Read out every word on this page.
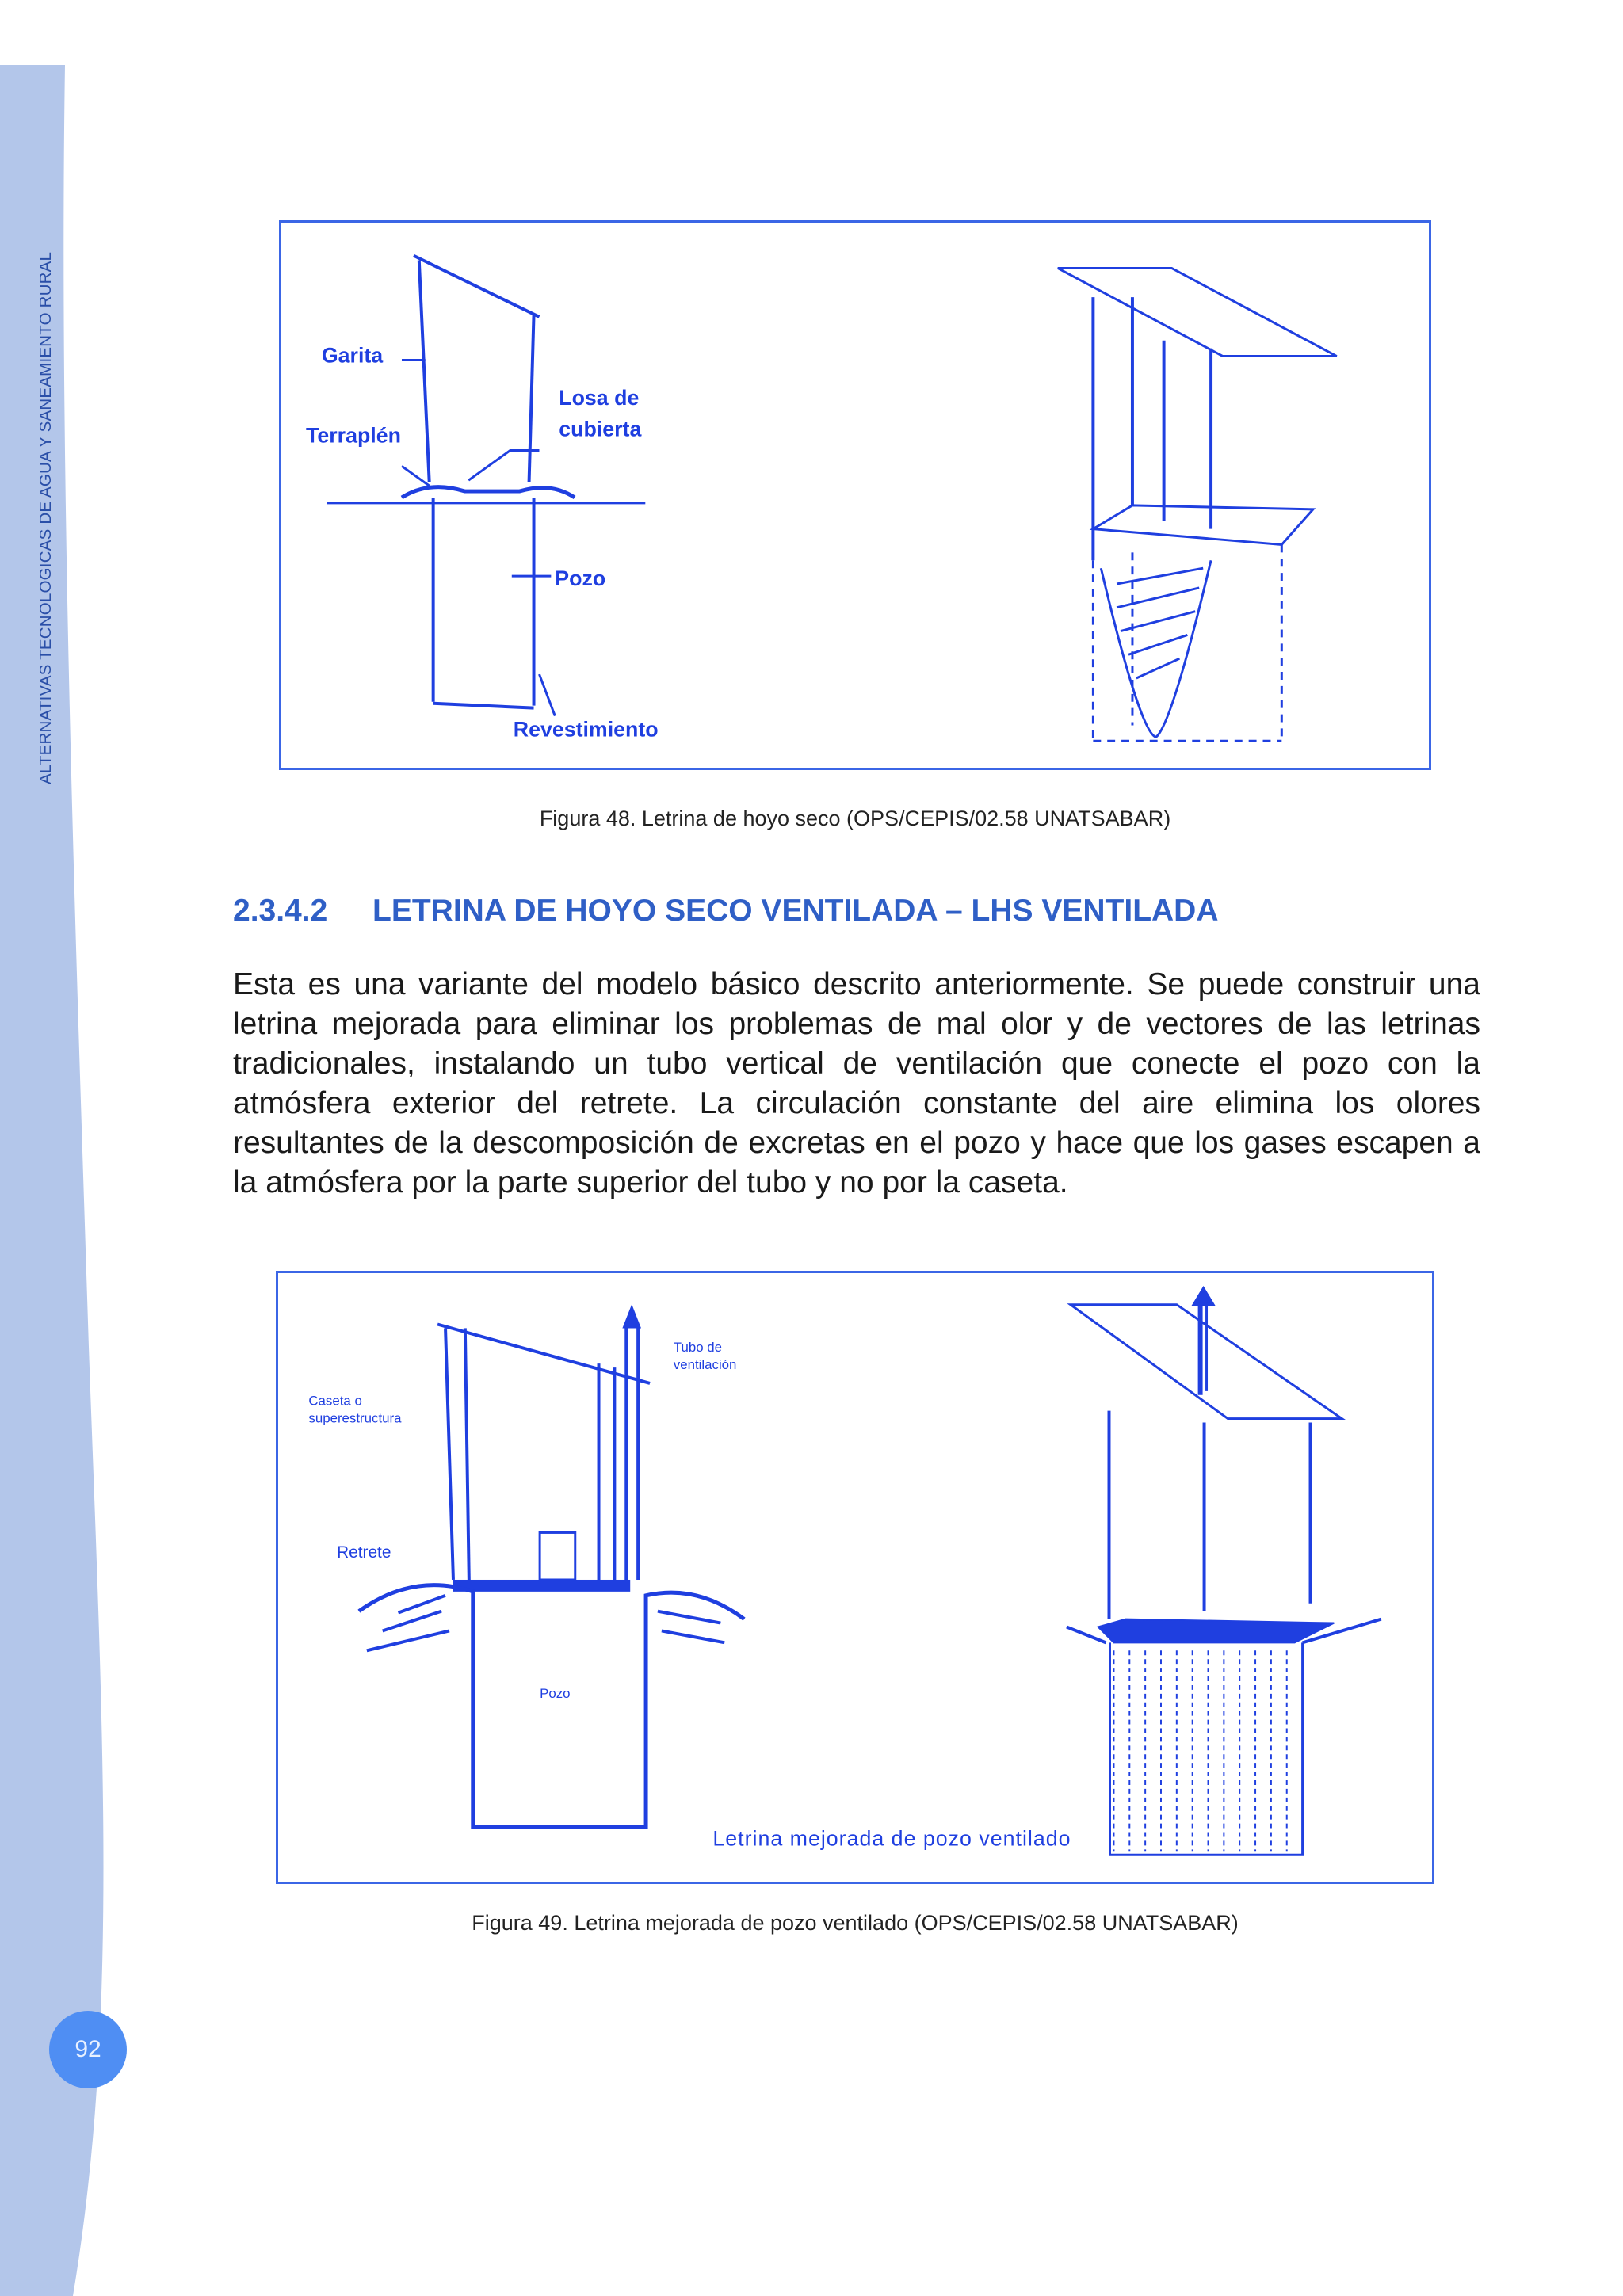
ALTERNATIVAS TECNOLOGICAS DE AGUA Y SANEAMIENTO RURAL
92
Garita
Terraplén
Losa de
cubierta
Pozo
Revestimiento
Figura 48. Letrina de hoyo seco (OPS/CEPIS/02.58 UNATSABAR)
2.3.4.2 LETRINA DE HOYO SECO VENTILADA – LHS VENTILADA
Esta es una variante del modelo básico descrito anteriormente. Se puede construir una letrina mejorada para eliminar los problemas de mal olor y de vectores de las letrinas tradicionales, instalando un tubo vertical de ventilación que conecte el pozo con la atmósfera exterior del retrete. La circulación constante del aire elimina los olores resultantes de la descomposición de excretas en el pozo y hace que los gases escapen a la atmósfera por la parte superior del tubo y no por la caseta.
Tubo de
ventilación
Caseta o
superestructura
Retrete
Pozo
Letrina mejorada de pozo ventilado
Figura 49. Letrina mejorada de pozo ventilado (OPS/CEPIS/02.58 UNATSABAR)
